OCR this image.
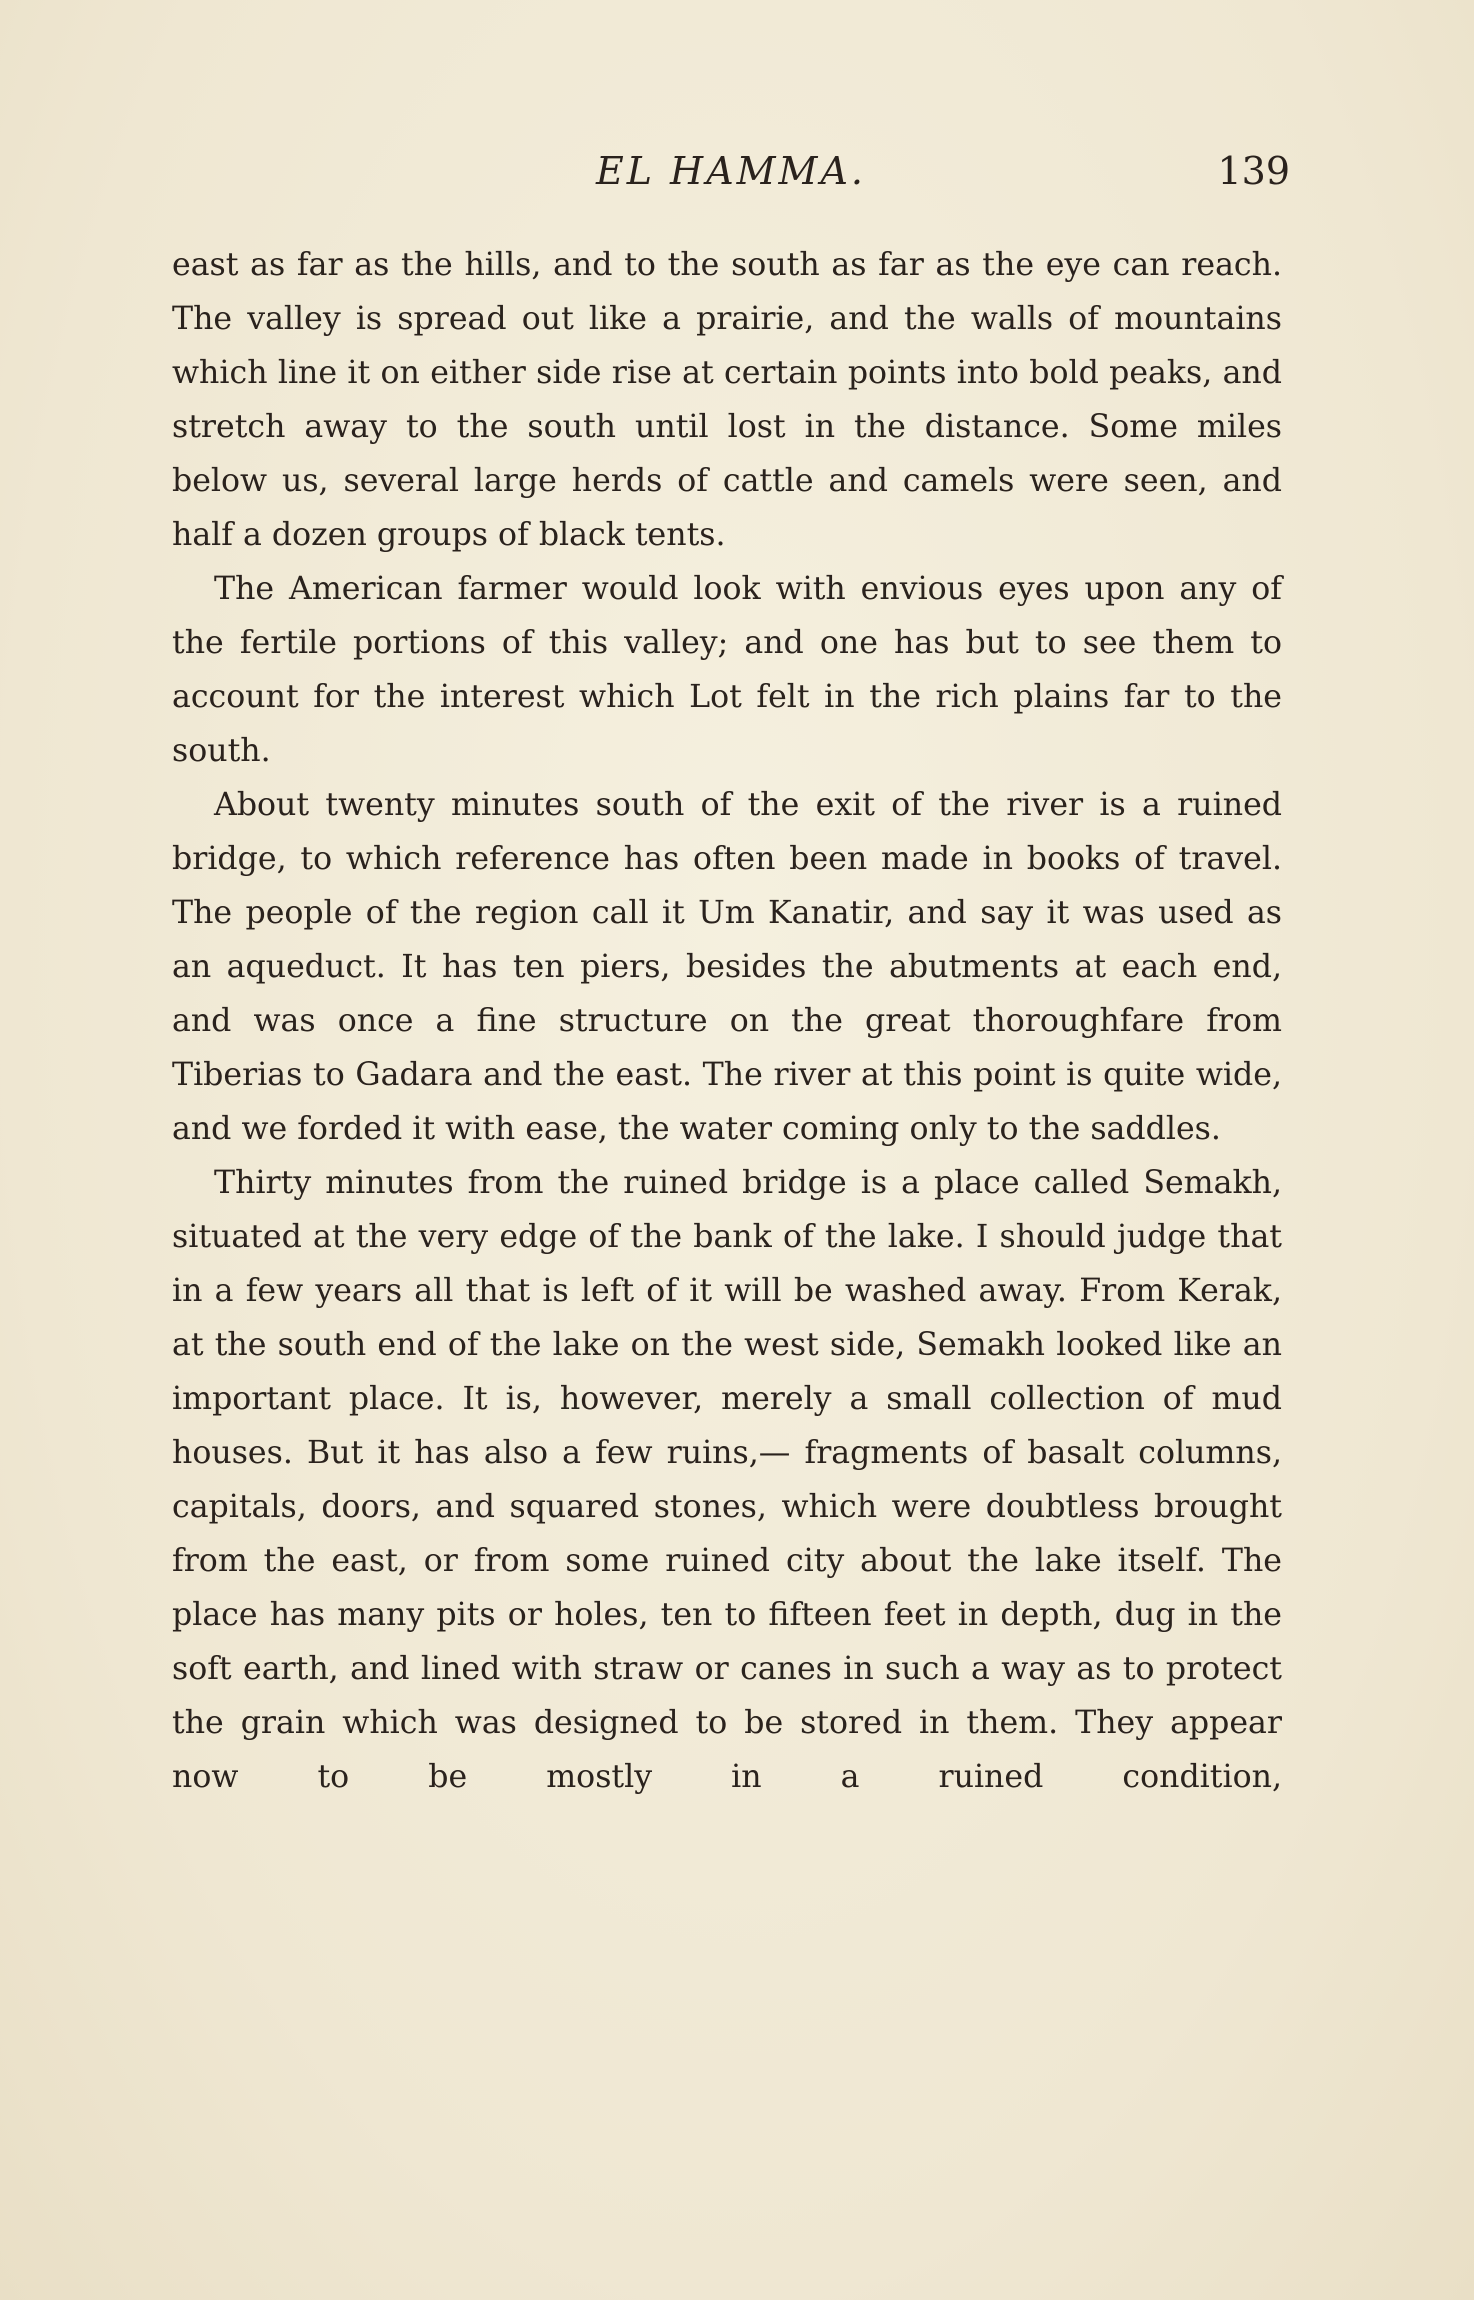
EL HAMMA.	139

east as far as the hills, and to the south as far as the eye can reach. The valley is spread out like a prairie, and the walls of mountains which line it on either side rise at certain points into bold peaks, and stretch away to the south until lost in the distance. Some miles below us, several large herds of cattle and camels were seen, and half a dozen groups of black tents.

The American farmer would look with envious eyes upon any of the fertile portions of this valley; and one has but to see them to account for the interest which Lot felt in the rich plains far to the south.

About twenty minutes south of the exit of the river is a ruined bridge, to which reference has often been made in books of travel. The people of the region call it Um Kanatir, and say it was used as an aqueduct. It has ten piers, besides the abutments at each end, and was once a fine structure on the great thoroughfare from Tiberias to Gadara and the east. The river at this point is quite wide, and we forded it with ease, the water coming only to the saddles.

Thirty minutes from the ruined bridge is a place called Semakh, situated at the very edge of the bank of the lake. I should judge that in a few years all that is left of it will be washed away. From Kerak, at the south end of the lake on the west side, Semakh looked like an important place. It is, however, merely a small collection of mud houses. But it has also a few ruins,— fragments of basalt columns, capitals, doors, and squared stones, which were doubtless brought from the east, or from some ruined city about the lake itself. The place has many pits or holes, ten to fifteen feet in depth, dug in the soft earth, and lined with straw or canes in such a way as to protect the grain which was designed to be stored in them. They appear now to be mostly in a ruined condition,
